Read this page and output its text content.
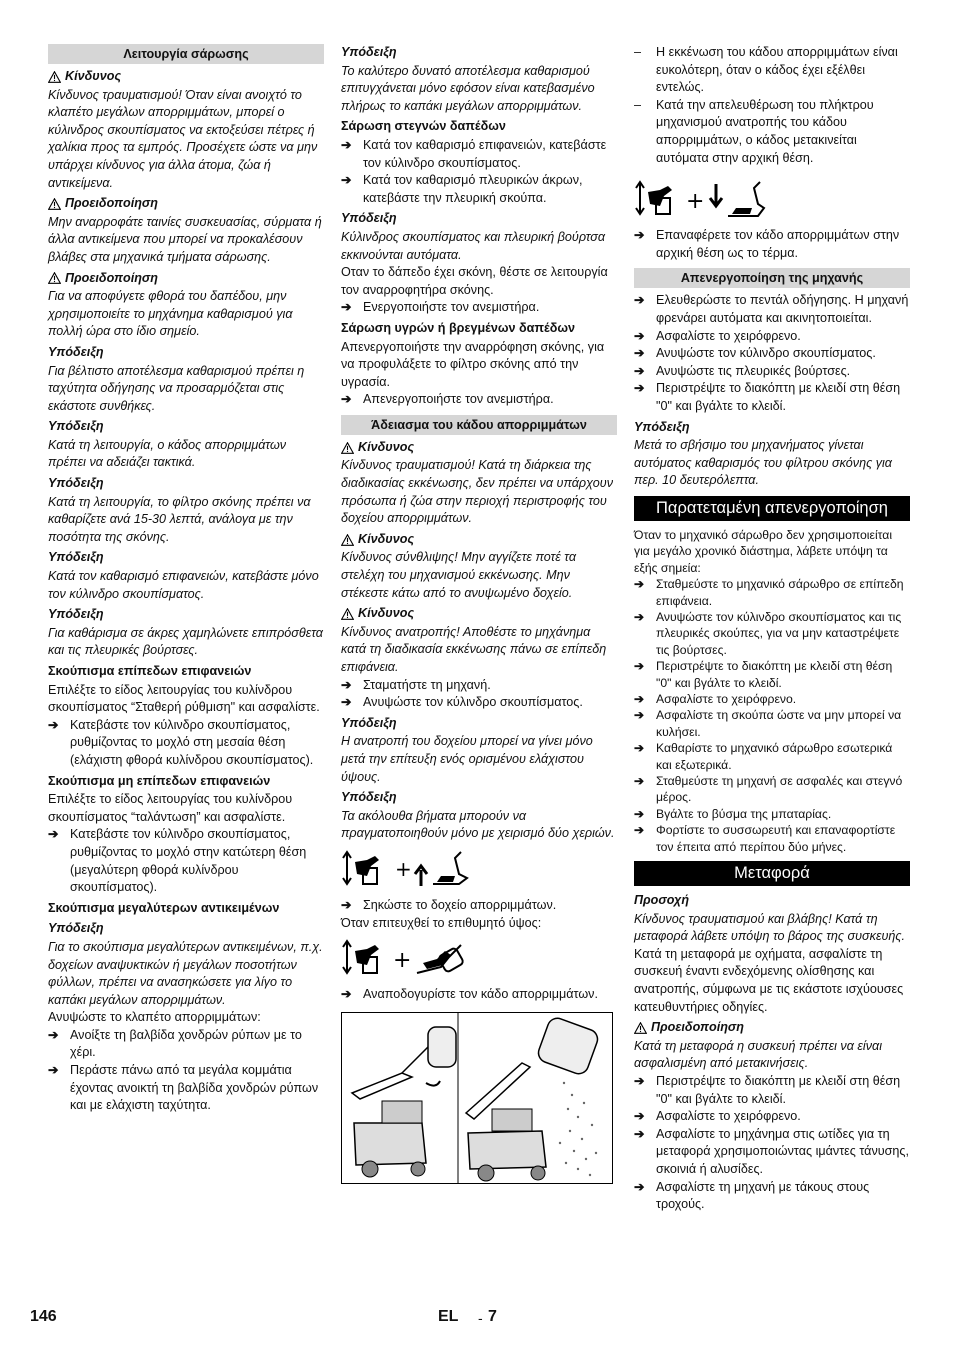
Λειτουργία σάρωσης
Κίνδυνος

Κίνδυνος τραυματισμού! Όταν είναι ανοιχτό το κλαπέτο μεγάλων απορριμμάτων, μπορεί ο κύλινδρος σκουπίσματος να εκτοξεύσει πέτρες ή χαλίκια προς τα εμπρός. Προσέχετε ώστε να μην υπάρχει κίνδυνος για άλλα άτομα, ζώα ή αντικείμενα.

Προειδοποίηση

Μην αναρροφάτε ταινίες συσκευασίας, σύρματα ή άλλα αντικείμενα που μπορεί να προκαλέσουν βλάβες στα μηχανικά τμήματα σάρωσης.

Προειδοποίηση

Για να αποφύγετε φθορά του δαπέδου, μην χρησιμοποιείτε το μηχάνημα καθαρισμού για πολλή ώρα στο ίδιο σημείο.

Υπόδειξη

Για βέλτιστο αποτέλεσμα καθαρισμού πρέπει η ταχύτητα οδήγησης να προσαρμόζεται στις εκάστοτε συνθήκες.

Υπόδειξη

Κατά τη λειτουργία, ο κάδος απορριμμάτων πρέπει να αδειάζει τακτικά.

Υπόδειξη

Κατά τη λειτουργία, το φίλτρο σκόνης πρέπει να καθαρίζετε ανά 15-30 λεπτά, ανάλογα με την ποσότητα της σκόνης.

Υπόδειξη

Κατά τον καθαρισμό επιφανειών, κατεβάστε μόνο τον κύλινδρο σκουπίσματος.

Υπόδειξη

Για καθάρισμα σε άκρες χαμηλώνετε επιπρόσθετα και τις πλευρικές βούρτσες.

Σκούπισμα επίπεδων επιφανειών

Επιλέξτε το είδος λειτουργίας του κυλίνδρου σκουπίσματος “Σταθερή ρύθμιση" και ασφαλίστε.

➔ Κατεβάστε τον κύλινδρο σκουπίσματος, ρυθμίζοντας το μοχλό στη μεσαία θέση (ελάχιστη φθορά κυλίνδρου σκουπίσματος).
Σκούπισμα μη επίπεδων επιφανειών

Επιλέξτε το είδος λειτουργίας του κυλίνδρου σκουπίσματος “ταλάντωση” και ασφαλίστε.

➔ Κατεβάστε τον κύλινδρο σκουπίσματος, ρυθμίζοντας το μοχλό στην κατώτερη θέση (μεγαλύτερη φθορά κυλίνδρου σκουπίσματος).
Σκούπισμα μεγαλύτερων αντικειμένων
Υπόδειξη

Για το σκούπισμα μεγαλύτερων αντικειμένων, π.χ. δοχείων αναψυκτικών ή μεγάλων ποσοτήτων φύλλων, πρέπει να ανασηκώσετε για λίγο το καπάκι μεγάλων απορριμμάτων.

Ανυψώστε το κλαπέτο απορριμμάτων:

➔ Ανοίξτε τη βαλβίδα χονδρών ρύπων με το χέρι.
➔ Περάστε πάνω από τα μεγάλα κομμάτια έχοντας ανοικτή τη βαλβίδα χονδρών ρύπων και με ελάχιστη ταχύτητα.
Υπόδειξη

Το καλύτερο δυνατό αποτέλεσμα καθαρισμού επιτυγχάνεται μόνο εφόσον είναι κατεβασμένο πλήρως το καπάκι μεγάλων απορριμμάτων.

Σάρωση στεγνών δαπέδων
➔ Κατά τον καθαρισμό επιφανειών, κατεβάστε τον κύλινδρο σκουπίσματος.
➔ Κατά τον καθαρισμό πλευρικών άκρων, κατεβάστε την πλευρική σκούπα.
Υπόδειξη

Κύλινδρος σκουπίσματος και πλευρική βούρτσα εκκινούνται αυτόματα.

Οταν το δάπεδο έχει σκόνη, θέστε σε λειτουργία τον αναρροφητήρα σκόνης.

➔ Ενεργοποιήστε τον ανεμιστήρα.
Σάρωση υγρών ή βρεγμένων δαπέδων

Απενεργοποιήστε την αναρρόφηση σκόνης, για να προφυλάξετε το φίλτρο σκόνης από την υγρασία.

➔ Απενεργοποιήστε τον ανεμιστήρα.
Άδειασμα του κάδου απορριμμάτων
Κίνδυνος

Κίνδυνος τραυματισμού! Κατά τη διάρκεια της διαδικασίας εκκένωσης, δεν πρέπει να υπάρχουν πρόσωπα ή ζώα στην περιοχή περιστροφής του δοχείου απορριμμάτων.

Κίνδυνος

Κίνδυνος σύνθλιψης! Μην αγγίζετε ποτέ τα στελέχη του μηχανισμού εκκένωσης. Μην στέκεστε κάτω από το ανυψωμένο δοχείο.

Κίνδυνος

Κίνδυνος ανατροπής! Αποθέστε το μηχάνημα κατά τη διαδικασία εκκένωσης πάνω σε επίπεδη επιφάνεια.

➔ Σταματήστε τη μηχανή.
➔ Ανυψώστε τον κύλινδρο σκουπίσματος.
Υπόδειξη

Η ανατροπή του δοχείου μπορεί να γίνει μόνο μετά την επίτευξη ενός ορισμένου ελάχιστου ύψους.

Υπόδειξη

Τα ακόλουθα βήματα μπορούν να πραγματοποιηθούν μόνο με χειρισμό δύο χεριών.

+
➔ Σηκώστε το δοχείο απορριμμάτων.

Όταν επιτευχθεί το επιθυμητό ύψος:

+
➔ Αναποδογυρίστε τον κάδο απορριμμάτων.
–	Η εκκένωση του κάδου απορριμμάτων είναι ευκολότερη, όταν ο κάδος έχει εξέλθει εντελώς.
–	Κατά την απελευθέρωση του πλήκτρου μηχανισμού ανατροπής του κάδου απορριμμάτων, ο κάδος μετακινείται αυτόματα στην αρχική θέση.
+
➔ Επαναφέρετε τον κάδο απορριμμάτων στην αρχική θέση ως το τέρμα.
Απενεργοποίηση της μηχανής
➔ Ελευθερώστε το πεντάλ οδήγησης. Η μηχανή φρενάρει αυτόματα και ακινητοποιείται.
➔ Ασφαλίστε το χειρόφρενο.
➔ Ανυψώστε τον κύλινδρο σκουπίσματος.
➔ Ανυψώστε τις πλευρικές βούρτσες.
➔ Περιστρέψτε το διακόπτη με κλειδί στη θέση "0" και βγάλτε το κλειδί.
Υπόδειξη

Μετά το σβήσιμο του μηχανήματος γίνεται αυτόματος καθαρισμός του φίλτρου σκόνης για περ. 10 δευτερόλεπτα.

Παρατεταμένη απενεργοποίηση

Όταν το μηχανικό σάρωθρο δεν χρησιμοποιείται για μεγάλο χρονικό διάστημα, λάβετε υπόψη τα εξής σημεία:

➔ Σταθμεύστε το μηχανικό σάρωθρο σε επίπεδη επιφάνεια.
➔ Ανυψώστε τον κύλινδρο σκουπίσματος και τις πλευρικές σκούπες, για να μην καταστρέψετε τις βούρτσες.
➔ Περιστρέψτε το διακόπτη με κλειδί στη θέση "0" και βγάλτε το κλειδί.
➔ Ασφαλίστε το χειρόφρενο.
➔ Ασφαλίστε τη σκούπα ώστε να μην μπορεί να κυλήσει.
➔ Καθαρίστε το μηχανικό σάρωθρο εσωτερικά και εξωτερικά.
➔ Σταθμεύστε τη μηχανή σε ασφαλές και στεγνό μέρος.
➔ Βγάλτε το βύσμα της μπαταρίας.
➔ Φορτίστε το συσσωρευτή και επαναφορτίστε τον έπειτα από περίπου δύο μήνες.
Μεταφορά
Προσοχή

Κίνδυνος τραυματισμού και βλάβης! Κατά τη μεταφορά λάβετε υπόψη το βάρος της συσκευής.

Κατά τη μεταφορά με οχήματα, ασφαλίστε τη συσκευή έναντι ενδεχόμενης ολίσθησης και ανατροπής, σύμφωνα με τις εκάστοτε ισχύουσες κατευθυντήριες οδηγίες.

Προειδοποίηση

Κατά τη μεταφορά η συσκευή πρέπει να είναι ασφαλισμένη από μετακινήσεις.

➔ Περιστρέψτε το διακόπτη με κλειδί στη θέση "0" και βγάλτε το κλειδί.
➔ Ασφαλίστε το χειρόφρενο.
➔ Ασφαλίστε το μηχάνημα στις ωτίδες για τη μεταφορά χρησιμοποιώντας ιμάντες τάνυσης, σκοινιά ή αλυσίδες.
➔ Ασφαλίστε τη μηχανή με τάκους στους τροχούς.
146	EL - 7
